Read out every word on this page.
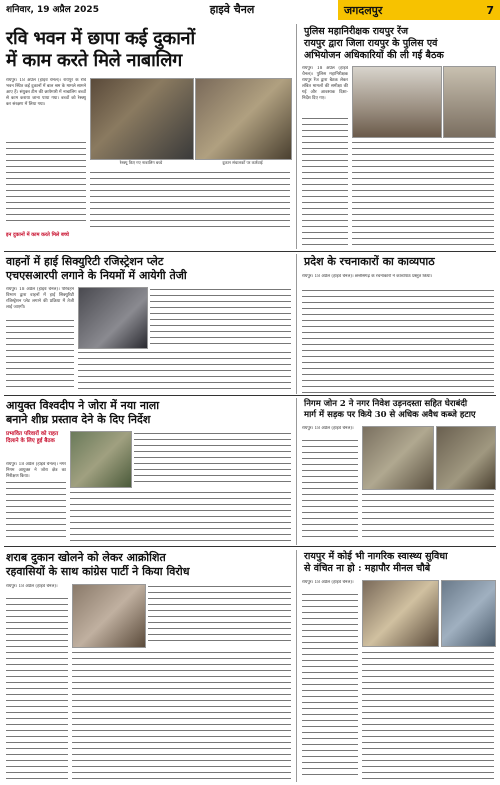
शनिवार, 19 अप्रैल 2025	हाइवे चैनल	जगदलपुर	7
रवि भवन में छापा कई दुकानों
में काम करते मिले नाबालिग

रायपुर। 18 अप्रैल (हाइवे चैनल)। रायपुर के रवि भवन स्थित कई दुकानों में बाल श्रम के मामले सामने आए हैं। संयुक्त टीम की छापेमारी में नाबालिग बच्चों से काम कराया जाना पाया गया। बच्चों को रेस्क्यू कर संरक्षण में लिया गया।

रेस्क्यू किए गए नाबालिग बच्चे	दुकान संचालकों पर कार्रवाई
इन दुकानों में काम करते मिले बच्चे
पुलिस महानिरीक्षक रायपुर रेंज
रायपुर द्वारा जिला रायपुर के पुलिस एवं
अभियोजन अधिकारियों की ली गई बैठक

रायपुर। 18 अप्रैल (हाइवे चैनल)। पुलिस महानिरीक्षक रायपुर रेंज द्वारा बैठक लेकर लंबित मामलों की समीक्षा की गई और आवश्यक दिशा-निर्देश दिए गए।

वाहनों में हाई सिक्युरिटी रजिस्ट्रेशन प्लेट
एचएसआरपी लगाने के नियमों में आयेगी तेजी

रायपुर। 18 अप्रैल (हाइवे चैनल)। परिवहन विभाग द्वारा वाहनों में हाई सिक्युरिटी रजिस्ट्रेशन प्लेट लगाने की प्रक्रिया में तेजी लाई जाएगी।

प्रदेश के रचनाकारों का काव्यपाठ

रायपुर। 18 अप्रैल (हाइवे चैनल)। छत्तीसगढ़ के रचनाकारों ने काव्यपाठ प्रस्तुत किया।

आयुक्त विश्वदीप ने जोरा में नया नाला
बनाने शीघ्र प्रस्ताव देने के दिए निर्देश
प्रभावित परिवारों को राहत दिलाने के लिए हुई बैठक

रायपुर। 18 अप्रैल (हाइवे चैनल)। नगर निगम आयुक्त ने जोरा क्षेत्र का निरीक्षण किया।

निगम जोन 2 ने नगर निवेश उड़नदस्ता सहित घेराबंदी
मार्ग में सड़क पर किये 30 से अधिक अवैध कब्जे हटाए

रायपुर। 18 अप्रैल (हाइवे चैनल)।

शराब दुकान खोलने को लेकर आक्रोशित
रहवासियों के साथ कांग्रेस पार्टी ने किया विरोध

रायपुर। 18 अप्रैल (हाइवे चैनल)।

रायपुर में कोई भी नागरिक स्वास्थ्य सुविधा
से वंचित ना हो : महापौर मीनल चौबे

रायपुर। 18 अप्रैल (हाइवे चैनल)।
